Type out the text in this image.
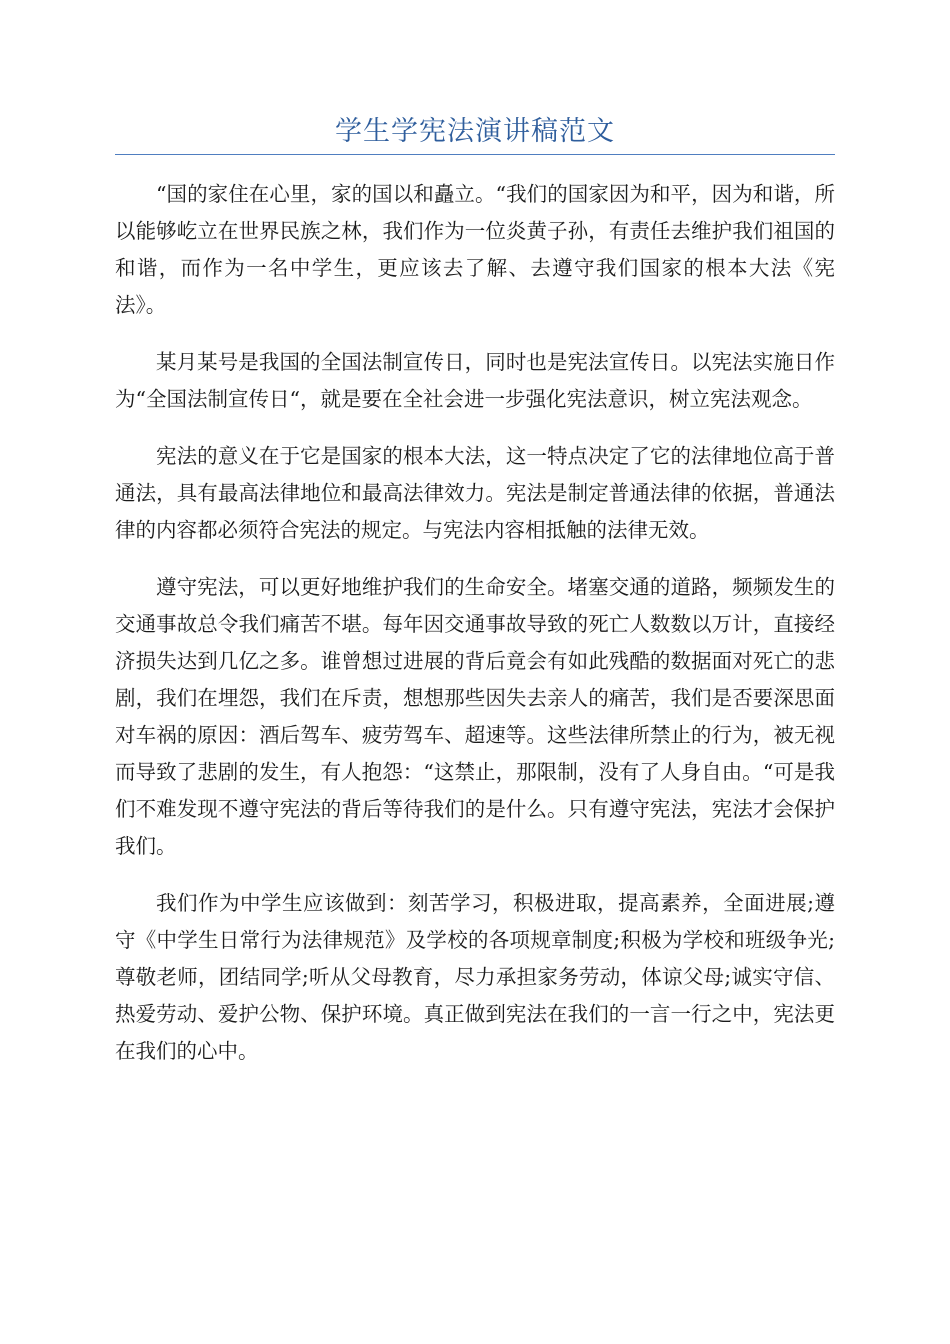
学生学宪法演讲稿范文

“国的家住在心里，家的国以和矗立。“我们的国家因为和平，因为和谐，所以能够屹立在世界民族之林，我们作为一位炎黄子孙，有责任去维护我们祖国的和谐，而作为一名中学生，更应该去了解、去遵守我们国家的根本大法《宪法》。

某月某号是我国的全国法制宣传日，同时也是宪法宣传日。以宪法实施日作为“全国法制宣传日“，就是要在全社会进一步强化宪法意识，树立宪法观念。

宪法的意义在于它是国家的根本大法，这一特点决定了它的法律地位高于普通法，具有最高法律地位和最高法律效力。宪法是制定普通法律的依据，普通法律的内容都必须符合宪法的规定。与宪法内容相抵触的法律无效。

遵守宪法，可以更好地维护我们的生命安全。堵塞交通的道路，频频发生的交通事故总令我们痛苦不堪。每年因交通事故导致的死亡人数数以万计，直接经济损失达到几亿之多。谁曾想过进展的背后竟会有如此残酷的数据面对死亡的悲剧，我们在埋怨，我们在斥责，想想那些因失去亲人的痛苦，我们是否要深思面对车祸的原因：酒后驾车、疲劳驾车、超速等。这些法律所禁止的行为，被无视而导致了悲剧的发生，有人抱怨：“这禁止，那限制，没有了人身自由。“可是我们不难发现不遵守宪法的背后等待我们的是什么。只有遵守宪法，宪法才会保护我们。

我们作为中学生应该做到：刻苦学习，积极进取，提高素养，全面进展;遵守《中学生日常行为法律规范》及学校的各项规章制度;积极为学校和班级争光;尊敬老师，团结同学;听从父母教育，尽力承担家务劳动，体谅父母;诚实守信、热爱劳动、爱护公物、保护环境。真正做到宪法在我们的一言一行之中，宪法更在我们的心中。
